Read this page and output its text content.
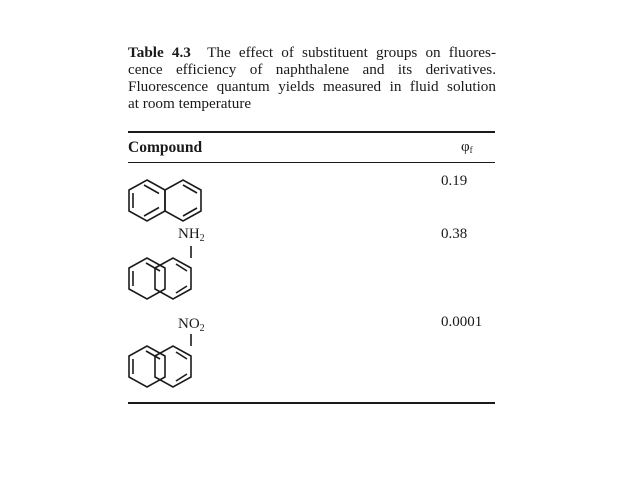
Table 4.3 The effect of substituent groups on fluores-
cence efficiency of naphthalene and its derivatives.
Fluorescence quantum yields measured in fluid solution
at room temperature
Compound	$\varphi_f$
0.19
$NH_2$	0.38
$NO_2$	0.0001
